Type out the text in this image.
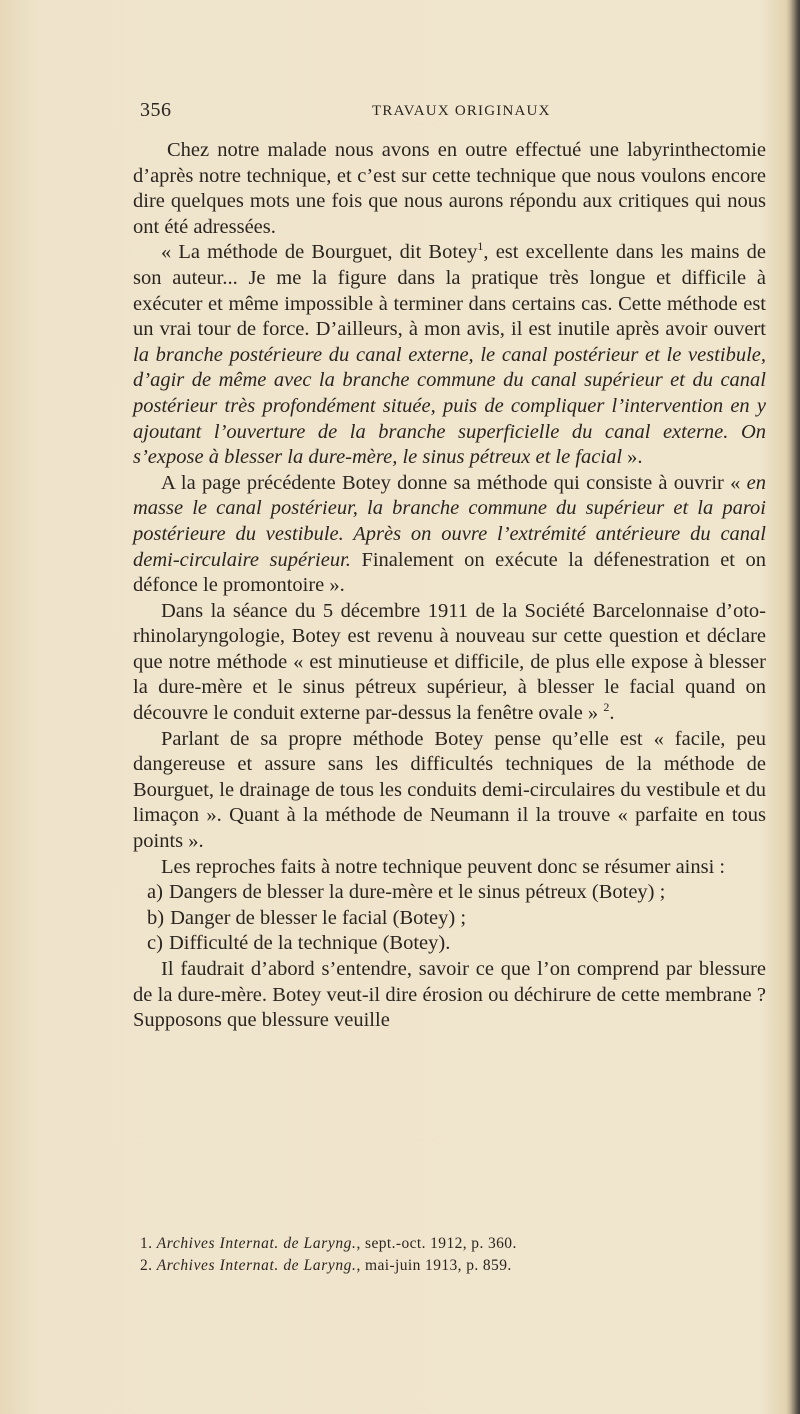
356	TRAVAUX ORIGINAUX

Chez notre malade nous avons en outre effectué une labyrinthectomie d’après notre technique, et c’est sur cette technique que nous voulons encore dire quelques mots une fois que nous aurons répondu aux critiques qui nous ont été adressées.

« La méthode de Bourguet, dit Botey$^1$, est excellente dans les mains de son auteur... Je me la figure dans la pratique très longue et difficile à exécuter et même impossible à terminer dans certains cas. Cette méthode est un vrai tour de force. D’ailleurs, à mon avis, il est inutile après avoir ouvert la branche postérieure du canal externe, le canal postérieur et le vestibule, d’agir de même avec la branche commune du canal supérieur et du canal postérieur très profondément située, puis de compliquer l’intervention en y ajoutant l’ouverture de la branche superficielle du canal externe. On s’expose à blesser la dure-mère, le sinus pétreux et le facial ».

A la page précédente Botey donne sa méthode qui consiste à ouvrir « en masse le canal postérieur, la branche commune du supérieur et la paroi postérieure du vestibule. Après on ouvre l’extrémité antérieure du canal demi-circulaire supérieur. Finalement on exécute la défenestration et on défonce le promontoire ».

Dans la séance du 5 décembre 1911 de la Société Barcelonnaise d’oto-rhinolaryngologie, Botey est revenu à nouveau sur cette question et déclare que notre méthode « est minutieuse et difficile, de plus elle expose à blesser la dure-mère et le sinus pétreux supérieur, à blesser le facial quand on découvre le conduit externe par-dessus la fenêtre ovale » $^2$.

Parlant de sa propre méthode Botey pense qu’elle est « facile, peu dangereuse et assure sans les difficultés techniques de la méthode de Bourguet, le drainage de tous les conduits demi-circulaires du vestibule et du limaçon ». Quant à la méthode de Neumann il la trouve « parfaite en tous points ».

Les reproches faits à notre technique peuvent donc se résumer ainsi :

a) Dangers de blesser la dure-mère et le sinus pétreux (Botey) ;
b) Danger de blesser le facial (Botey) ;
c) Difficulté de la technique (Botey).

Il faudrait d’abord s’entendre, savoir ce que l’on comprend par blessure de la dure-mère. Botey veut-il dire érosion ou déchirure de cette membrane ? Supposons que blessure veuille

1. Archives Internat. de Laryng., sept.-oct. 1912, p. 360.

2. Archives Internat. de Laryng., mai-juin 1913, p. 859.
